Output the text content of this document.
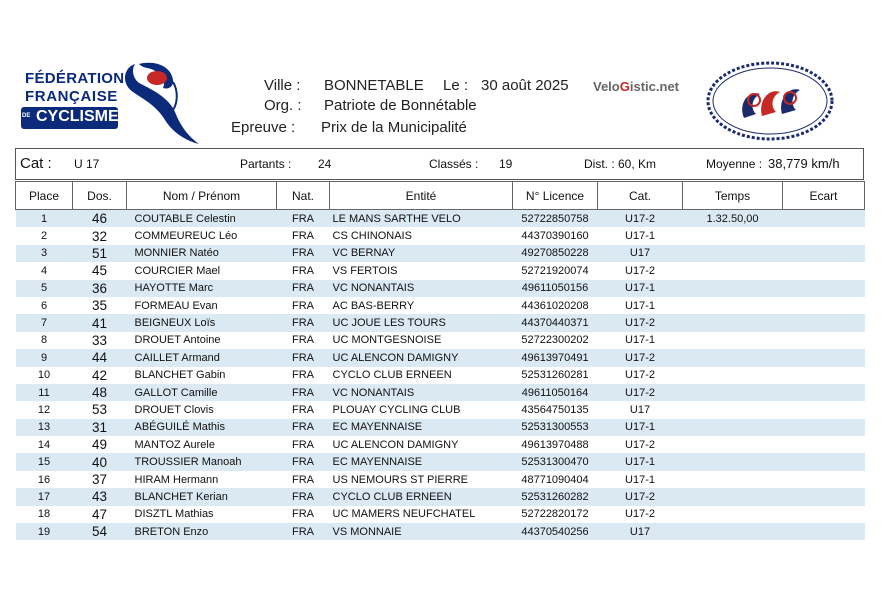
FÉDÉRATION
FRANÇAISE
DE CYCLISME
Ville : BONNETABLE Le : 30 août 2025
Org. : Patriote de Bonnétable
Epreuve : Prix de la Municipalité
VeloGistic.net
Cat : U 17	Partants : 24	Classés : 19	Dist. : 60, Km	Moyenne : 38,779 km/h
Place	Dos.	Nom / Prénom	Nat.	Entité	N° Licence	Cat.	Temps	Ecart
1	46	COUTABLE Celestin	FRA	LE MANS SARTHE VELO	52722850758	U17-2	1.32.50,00	
2	32	COMMEUREUC Léo	FRA	CS CHINONAIS	44370390160	U17-1		
3	51	MONNIER Natéo	FRA	VC BERNAY	49270850228	U17		
4	45	COURCIER Mael	FRA	VS FERTOIS	52721920074	U17-2		
5	36	HAYOTTE Marc	FRA	VC NONANTAIS	49611050156	U17-1		
6	35	FORMEAU Evan	FRA	AC BAS-BERRY	44361020208	U17-1		
7	41	BEIGNEUX Loïs	FRA	UC JOUE LES TOURS	44370440371	U17-2		
8	33	DROUET Antoine	FRA	UC MONTGESNOISE	52722300202	U17-1		
9	44	CAILLET Armand	FRA	UC ALENCON DAMIGNY	49613970491	U17-2		
10	42	BLANCHET Gabin	FRA	CYCLO CLUB ERNEEN	52531260281	U17-2		
11	48	GALLOT Camille	FRA	VC NONANTAIS	49611050164	U17-2		
12	53	DROUET Clovis	FRA	PLOUAY CYCLING CLUB	43564750135	U17		
13	31	ABÉGUILÉ Mathis	FRA	EC MAYENNAISE	52531300553	U17-1		
14	49	MANTOZ Aurele	FRA	UC ALENCON DAMIGNY	49613970488	U17-2		
15	40	TROUSSIER Manoah	FRA	EC MAYENNAISE	52531300470	U17-1		
16	37	HIRAM Hermann	FRA	US NEMOURS ST PIERRE	48771090404	U17-1		
17	43	BLANCHET Kerian	FRA	CYCLO CLUB ERNEEN	52531260282	U17-2		
18	47	DISZTL Mathias	FRA	UC MAMERS NEUFCHATEL	52722820172	U17-2		
19	54	BRETON Enzo	FRA	VS MONNAIE	44370540256	U17		
